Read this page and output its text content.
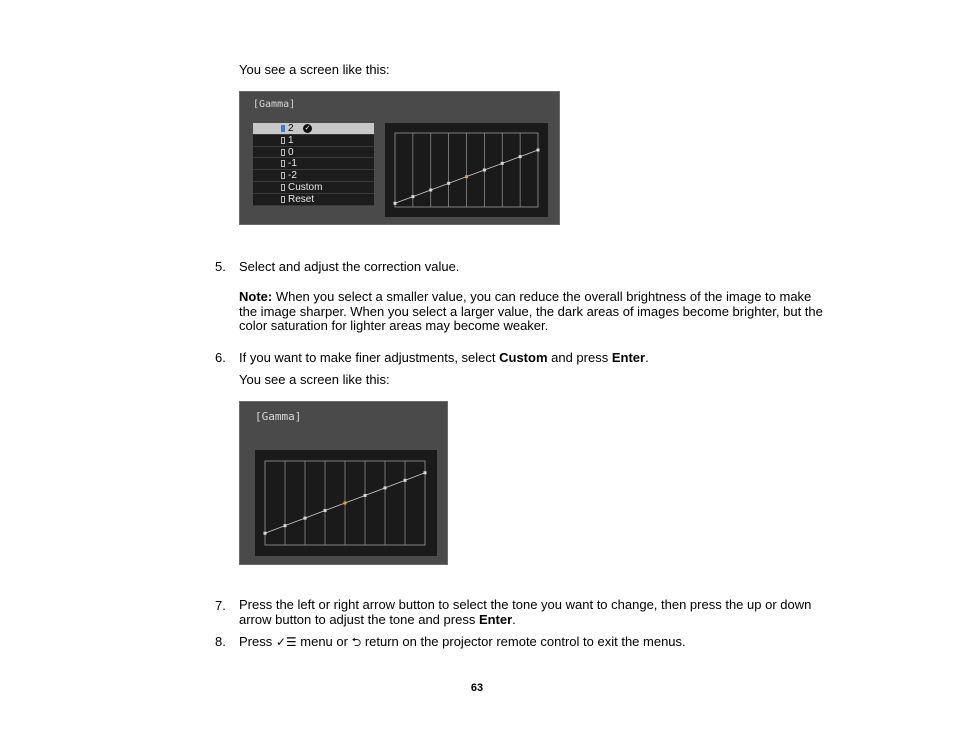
You see a screen like this:
[Gamma]
2 ✓
1
0
-1
-2
Custom
Reset
5. Select and adjust the correction value.
Note: When you select a smaller value, you can reduce the overall brightness of the image to make the image sharper. When you select a larger value, the dark areas of images become brighter, but the color saturation for lighter areas may become weaker.
6. If you want to make finer adjustments, select Custom and press Enter.
You see a screen like this:
[Gamma]
7. Press the left or right arrow button to select the tone you want to change, then press the up or down
arrow button to adjust the tone and press Enter.
8. Press ✓☰ menu or ⮌ return on the projector remote control to exit the menus.
63
